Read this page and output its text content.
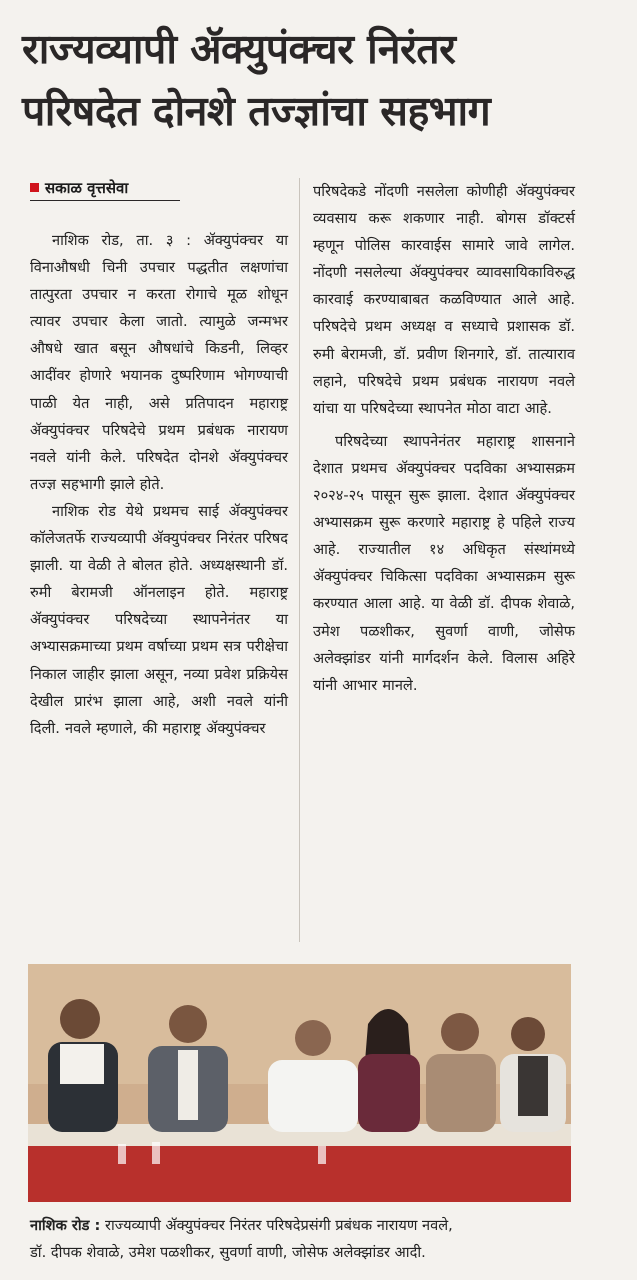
राज्यव्यापी ॲक्युपंक्चर निरंतर
परिषदेत दोनशे तज्ज्ञांचा सहभाग
सकाळ वृत्तसेवा

नाशिक रोड, ता. ३ : ॲक्युपंक्चर या विनाऔषधी चिनी उपचार पद्धतीत लक्षणांचा तात्पुरता उपचार न करता रोगाचे मूळ शोधून त्यावर उपचार केला जातो. त्यामुळे जन्मभर औषधे खात बसून औषधांचे किडनी, लिव्हर आदींवर होणारे भयानक दुष्परिणाम भोगण्याची पाळी येत नाही, असे प्रतिपादन महाराष्ट्र ॲक्युपंक्चर परिषदेचे प्रथम प्रबंधक नारायण नवले यांनी केले. परिषदेत दोनशे ॲक्युपंक्चर तज्ज्ञ सहभागी झाले होते.

नाशिक रोड येथे प्रथमच साई ॲक्युपंक्चर कॉलेजतर्फे राज्यव्यापी ॲक्युपंक्चर निरंतर परिषद झाली. या वेळी ते बोलत होते. अध्यक्षस्थानी डॉ. रुमी बेरामजी ऑनलाइन होते. महाराष्ट्र ॲक्युपंक्चर परिषदेच्या स्थापनेनंतर या अभ्यासक्रमाच्या प्रथम वर्षाच्या प्रथम सत्र परीक्षेचा निकाल जाहीर झाला असून, नव्या प्रवेश प्रक्रियेस देखील प्रारंभ झाला आहे, अशी नवले यांनी दिली. नवले म्हणाले, की महाराष्ट्र ॲक्युपंक्चर

परिषदेकडे नोंदणी नसलेला कोणीही ॲक्युपंक्चर व्यवसाय करू शकणार नाही. बोगस डॉक्टर्स म्हणून पोलिस कारवाईस सामारे जावे लागेल. नोंदणी नसलेल्या ॲक्युपंक्चर व्यावसायिकाविरुद्ध कारवाई करण्याबाबत कळविण्यात आले आहे. परिषदेचे प्रथम अध्यक्ष व सध्याचे प्रशासक डॉ. रुमी बेरामजी, डॉ. प्रवीण शिनगारे, डॉ. तात्याराव लहाने, परिषदेचे प्रथम प्रबंधक नारायण नवले यांचा या परिषदेच्या स्थापनेत मोठा वाटा आहे.

परिषदेच्या स्थापनेनंतर महाराष्ट्र शासनाने देशात प्रथमच ॲक्युपंक्चर पदविका अभ्यासक्रम २०२४-२५ पासून सुरू झाला. देशात ॲक्युपंक्चर अभ्यासक्रम सुरू करणारे महाराष्ट्र हे पहिले राज्य आहे. राज्यातील १४ अधिकृत संस्थांमध्ये ॲक्युपंक्चर चिकित्सा पदविका अभ्यासक्रम सुरू करण्यात आला आहे. या वेळी डॉ. दीपक शेवाळे, उमेश पळशीकर, सुवर्णा वाणी, जोसेफ अलेक्झांडर यांनी मार्गदर्शन केले. विलास अहिरे यांनी आभार मानले.

नाशिक रोड : राज्यव्यापी ॲक्युपंक्चर निरंतर परिषदेप्रसंगी प्रबंधक नारायण नवले,
डॉ. दीपक शेवाळे, उमेश पळशीकर, सुवर्णा वाणी, जोसेफ अलेक्झांडर आदी.
